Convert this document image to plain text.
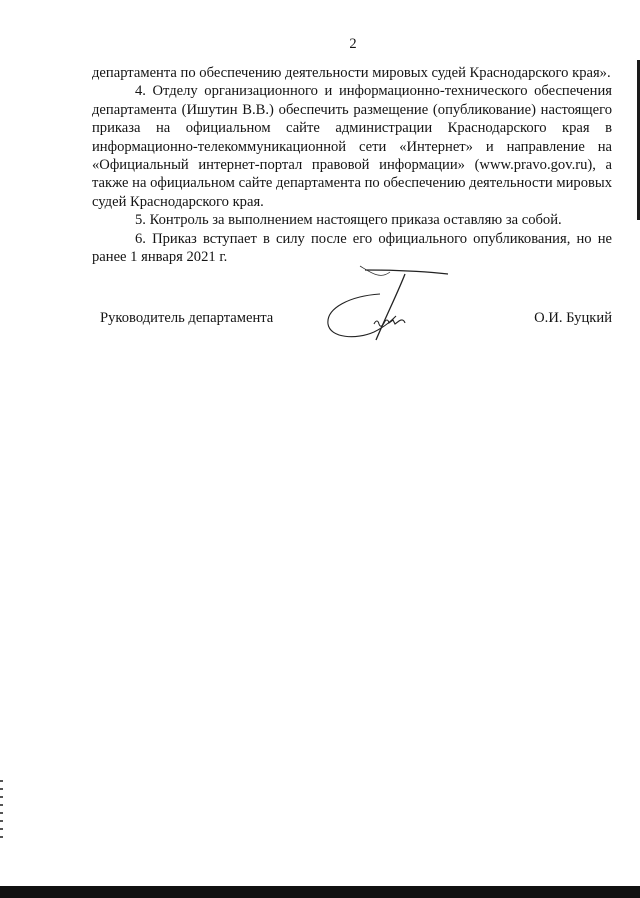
2

департамента по обеспечению деятельности мировых судей Краснодарского края».

4. Отделу организационного и информационно-технического обеспечения департамента (Ишутин В.В.) обеспечить размещение (опубликование) настоящего приказа на официальном сайте администрации Краснодарского края в информационно-телекоммуникационной сети «Интернет» и направление на «Официальный интернет-портал правовой информации» (www.pravo.gov.ru), а также на официальном сайте департамента по обеспечению деятельности мировых судей Краснодарского края.

5. Контроль за выполнением настоящего приказа оставляю за собой.

6. Приказ вступает в силу после его официального опубликования, но не ранее 1 января 2021 г.

Руководитель департамента	О.И. Буцкий
